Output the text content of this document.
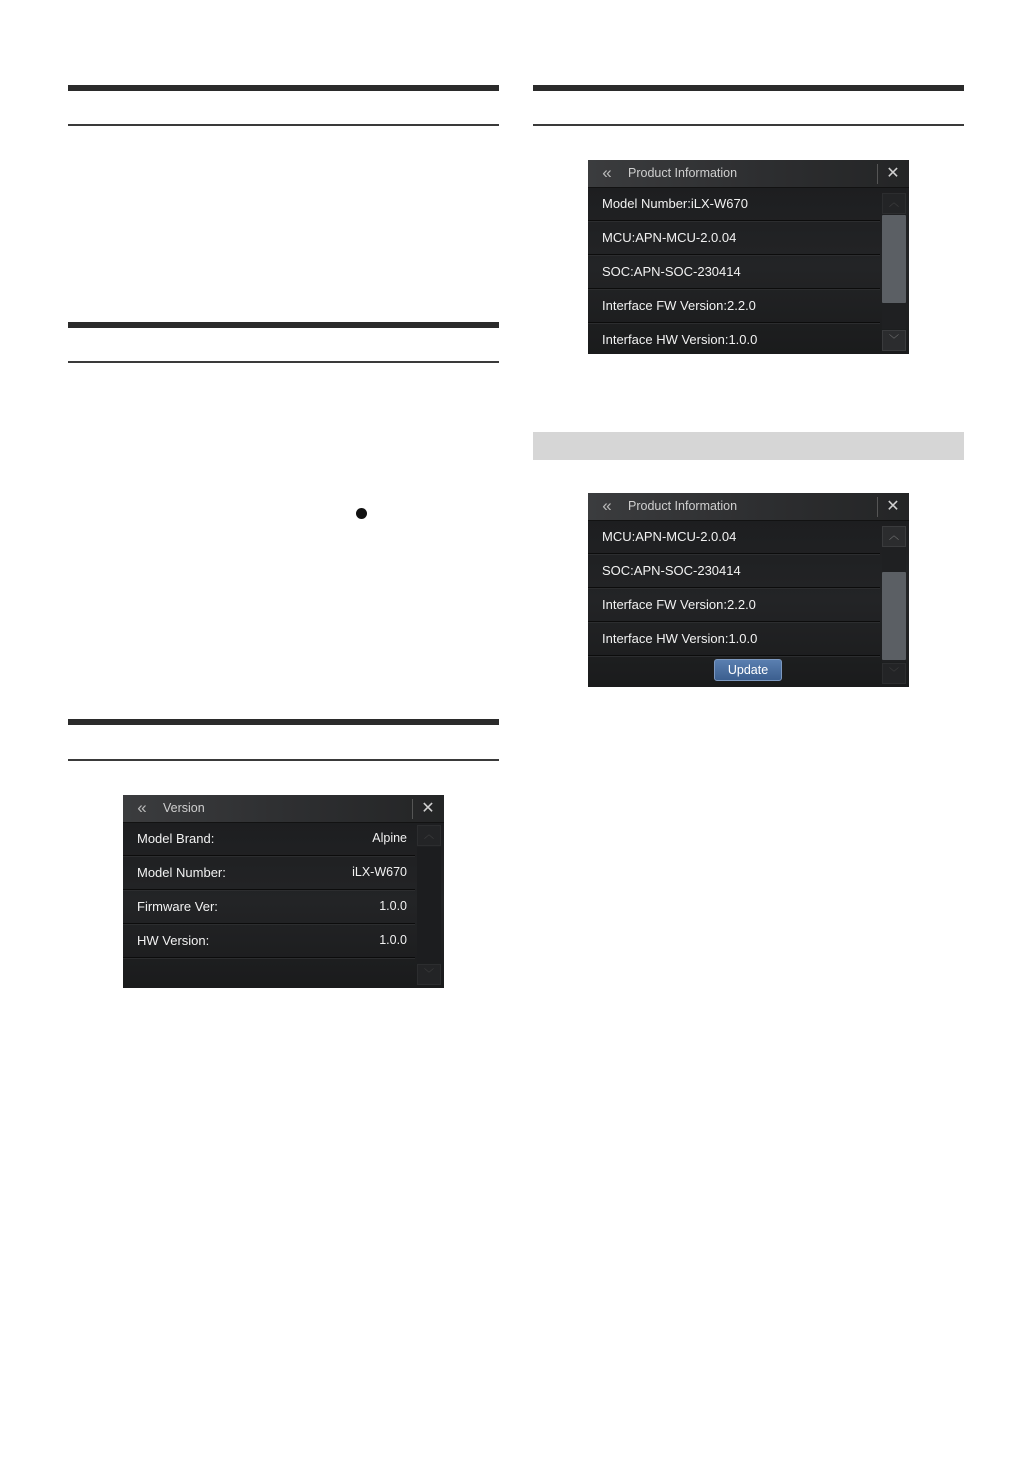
«	Version	✕
Model Brand:	Alpine
Model Number:	iLX-W670
Firmware Ver:	1.0.0
HW Version:	1.0.0
︿
﹀
«	Product Information	✕
Model Number:iLX-W670
MCU:APN-MCU-2.0.04
SOC:APN-SOC-230414
Interface FW Version:2.2.0
Interface HW Version:1.0.0
︿
﹀
«	Product Information	✕
MCU:APN-MCU-2.0.04
SOC:APN-SOC-230414
Interface FW Version:2.2.0
Interface HW Version:1.0.0
Update
︿
﹀
